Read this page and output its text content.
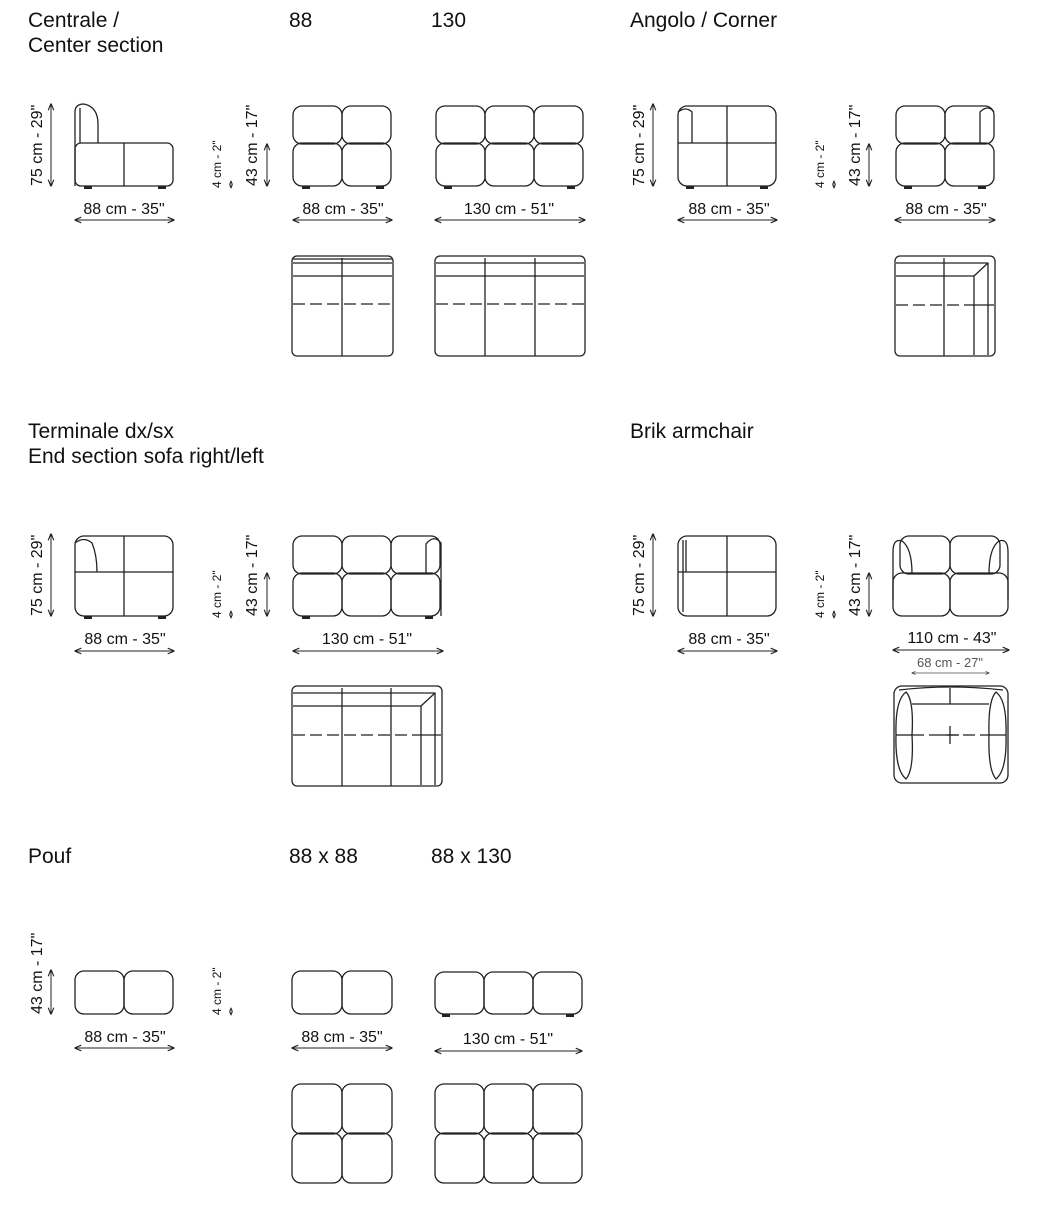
Centrale /
Center section
88	130
75 cm - 29"
88 cm - 35"
4 cm - 2" 43 cm - 17"
88 cm - 35"	130 cm - 51"
Angolo / Corner
75 cm - 29"
88 cm - 35"
4 cm - 2" 43 cm - 17"
88 cm - 35"
Terminale dx/sx
End section sofa right/left
75 cm - 29"
88 cm - 35"
4 cm - 2" 43 cm - 17"
130 cm - 51"
Brik armchair
75 cm - 29"
88 cm - 35"
4 cm - 2" 43 cm - 17"
110 cm - 43"
68 cm - 27"
Pouf	88 x 88	88 x 130
43 cm - 17"
88 cm - 35"
4 cm - 2"
88 cm - 35"	130 cm - 51"
